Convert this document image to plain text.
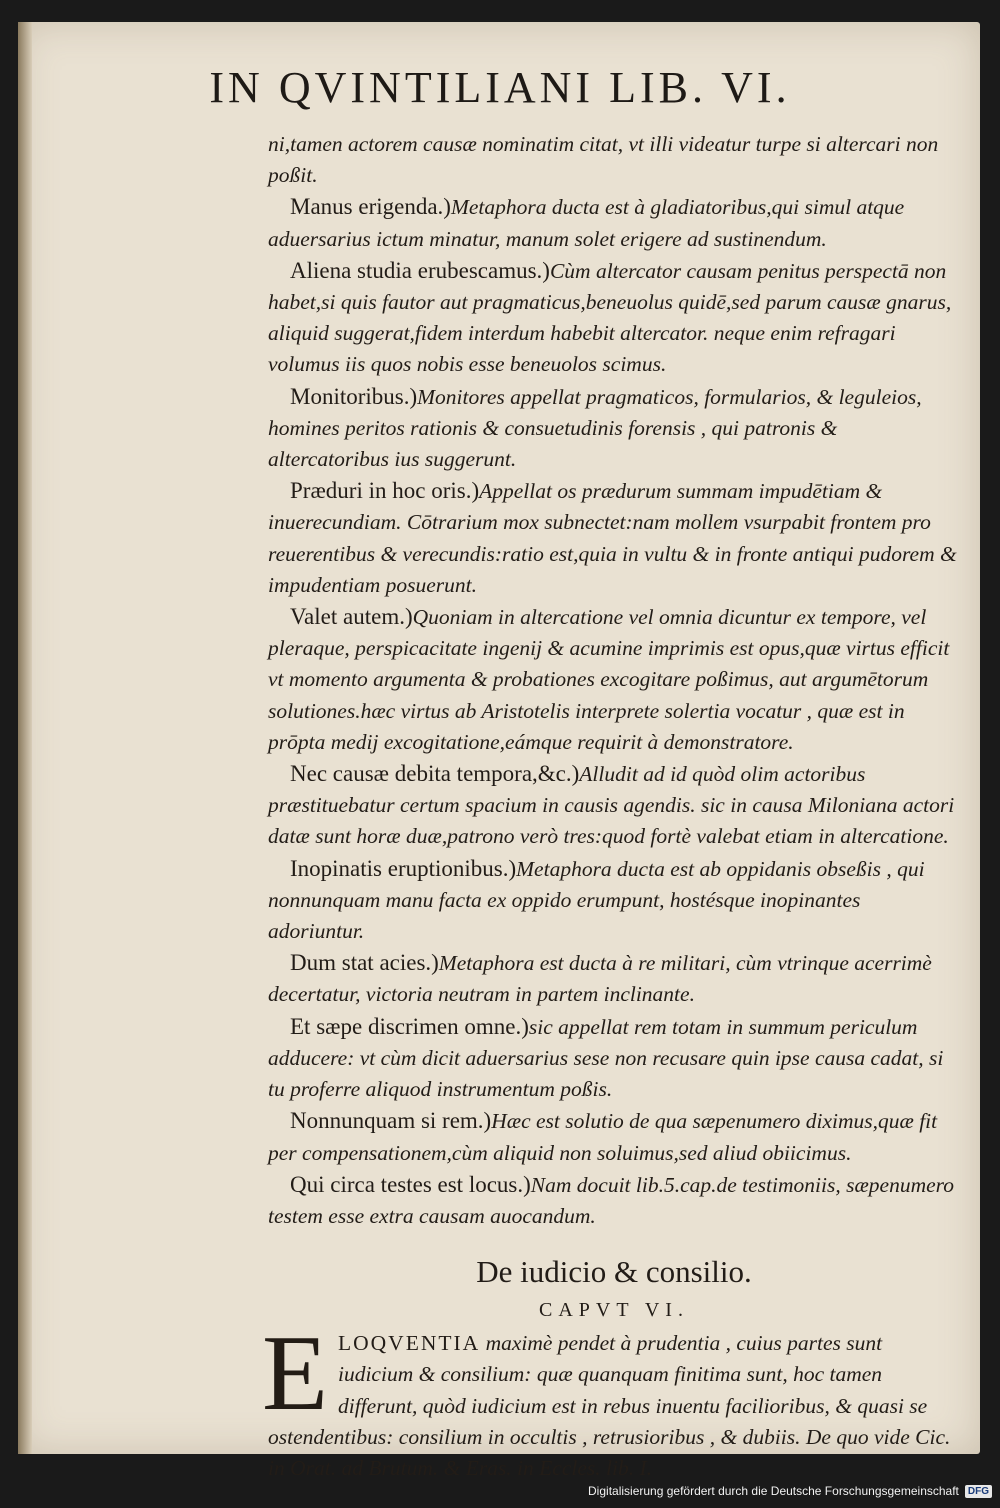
IN QVINTILIANI LIB. VI.

ni,tamen actorem causæ nominatim citat, vt illi videatur turpe si altercari non poßit.

Manus erigenda.)Metaphora ducta est à gladiatoribus,qui simul atque aduersarius ictum minatur, manum solet erigere ad sustinendum.

Aliena studia erubescamus.)Cùm altercator causam penitus perspectā non habet,si quis fautor aut pragmaticus,beneuolus quidē,sed parum causæ gnarus, aliquid suggerat,fidem interdum habebit altercator. neque enim refragari volumus iis quos nobis esse beneuolos scimus.

Monitoribus.)Monitores appellat pragmaticos, formularios, & leguleios, homines peritos rationis & consuetudinis forensis , qui patronis & altercatoribus ius suggerunt.

Præduri in hoc oris.)Appellat os prædurum summam impudētiam & inuerecundiam. Cōtrarium mox subnectet:nam mollem vsurpabit frontem pro reuerentibus & verecundis:ratio est,quia in vultu & in fronte antiqui pudorem & impudentiam posuerunt.

Valet autem.)Quoniam in altercatione vel omnia dicuntur ex tempore, vel pleraque, perspicacitate ingenij & acumine imprimis est opus,quæ virtus efficit vt momento argumenta & probationes excogitare poßimus, aut argumētorum solutiones.hæc virtus ab Aristotelis interprete solertia vocatur , quæ est in prōpta medij excogitatione,eámque requirit à demonstratore.

Nec causæ debita tempora,&c.)Alludit ad id quòd olim actoribus præstituebatur certum spacium in causis agendis. sic in causa Miloniana actori datæ sunt horæ duæ,patrono verò tres:quod fortè valebat etiam in altercatione.

Inopinatis eruptionibus.)Metaphora ducta est ab oppidanis obseßis , qui nonnunquam manu facta ex oppido erumpunt, hostésque inopinantes adoriuntur.

Dum stat acies.)Metaphora est ducta à re militari, cùm vtrinque acerrimè decertatur, victoria neutram in partem inclinante.

Et sæpe discrimen omne.)sic appellat rem totam in summum periculum adducere: vt cùm dicit aduersarius sese non recusare quin ipse causa cadat, si tu proferre aliquod instrumentum poßis.

Nonnunquam si rem.)Hæc est solutio de qua sæpenumero diximus,quæ fit per compensationem,cùm aliquid non soluimus,sed aliud obiicimus.

Qui circa testes est locus.)Nam docuit lib.5.cap.de testimoniis, sæpenumero testem esse extra causam auocandum.

De iudicio & consilio.
CAPVT VI.

ELOQVENTIA maximè pendet à prudentia , cuius partes sunt iudicium & consilium: quæ quanquam finitima sunt, hoc tamen differunt, quòd iudicium est in rebus inuentu facilioribus, & quasi se ostendentibus: consilium in occultis , retrusioribus , & dubiis. De quo vide Cic. in Orat. ad Brutum. & Eras. in Eccles. lib. I.

Digitalisierung gefördert durch die Deutsche Forschungsgemeinschaft DFG
